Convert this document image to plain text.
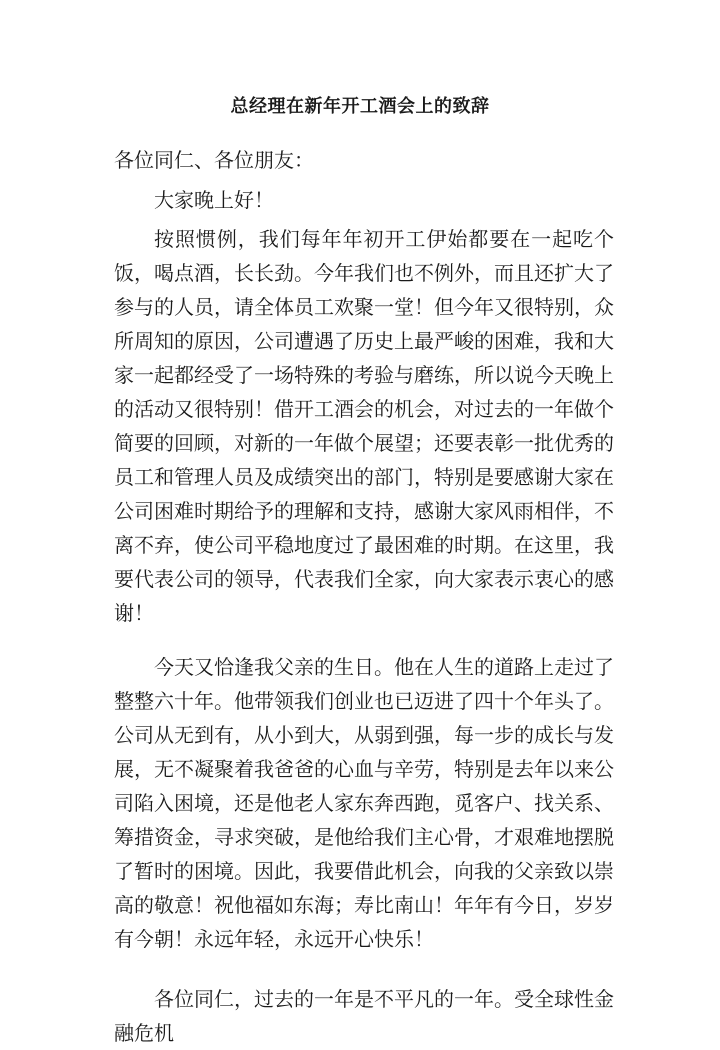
总经理在新年开工酒会上的致辞

各位同仁、各位朋友：

大家晚上好！

按照惯例，我们每年年初开工伊始都要在一起吃个饭，喝点酒，长长劲。今年我们也不例外，而且还扩大了参与的人员，请全体员工欢聚一堂！但今年又很特别，众所周知的原因，公司遭遇了历史上最严峻的困难，我和大家一起都经受了一场特殊的考验与磨练，所以说今天晚上的活动又很特别！借开工酒会的机会，对过去的一年做个简要的回顾，对新的一年做个展望；还要表彰一批优秀的员工和管理人员及成绩突出的部门，特别是要感谢大家在公司困难时期给予的理解和支持，感谢大家风雨相伴，不离不弃，使公司平稳地度过了最困难的时期。在这里，我要代表公司的领导，代表我们全家，向大家表示衷心的感谢！

今天又恰逢我父亲的生日。他在人生的道路上走过了整整六十年。他带领我们创业也已迈进了四十个年头了。公司从无到有，从小到大，从弱到强，每一步的成长与发展，无不凝聚着我爸爸的心血与辛劳，特别是去年以来公司陷入困境，还是他老人家东奔西跑，觅客户、找关系、筹措资金，寻求突破，是他给我们主心骨，才艰难地摆脱了暂时的困境。因此，我要借此机会，向我的父亲致以崇高的敬意！祝他福如东海；寿比南山！年年有今日，岁岁有今朝！永远年轻，永远开心快乐！

各位同仁，过去的一年是不平凡的一年。受全球性金融危机
